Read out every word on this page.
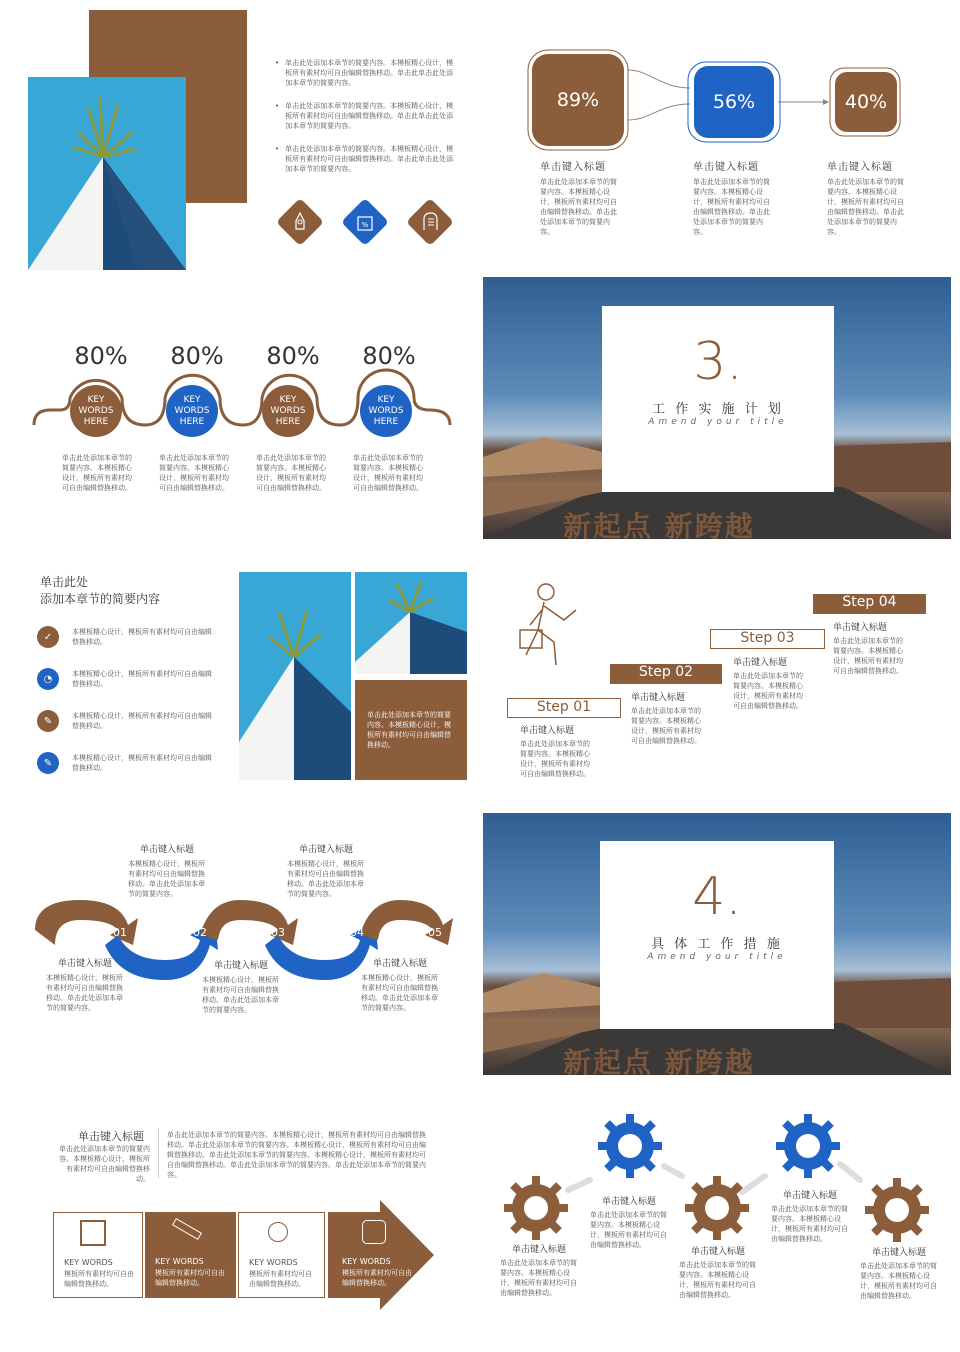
• 单击此处添加本章节的简要内容。本模板精心设计，模板所有素材均可自由编辑替换移动。单击此单击此处添加本章节的简要内容。
• 单击此处添加本章节的简要内容。本模板精心设计，模板所有素材均可自由编辑替换移动。单击此单击此处添加本章节的简要内容。
• 单击此处添加本章节的简要内容。本模板精心设计，模板所有素材均可自由编辑替换移动。单击此单击此处添加本章节的简要内容。
%
89%	56%	40%
单击键入标题
单击此处添加本章节的简要内容。本模板精心设计，模板所有素材均可自由编辑替换移动。单击此处添加本章节的简要内容。
单击键入标题
单击此处添加本章节的简要内容。本模板精心设计，模板所有素材均可自由编辑替换移动。单击此处添加本章节的简要内容。
单击键入标题
单击此处添加本章节的简要内容。本模板精心设计，模板所有素材均可自由编辑替换移动。单击此处添加本章节的简要内容。
80%
KEY WORDS HERE
80%
KEY WORDS HERE
80%
KEY WORDS HERE
80%
KEY WORDS HERE
单击此处添加本章节的简要内容。本模板精心设计，模板所有素材均可自由编辑替换移动。
单击此处添加本章节的简要内容。本模板精心设计，模板所有素材均可自由编辑替换移动。
单击此处添加本章节的简要内容。本模板精心设计，模板所有素材均可自由编辑替换移动。
单击此处添加本章节的简要内容。本模板精心设计，模板所有素材均可自由编辑替换移动。
新起点 新跨越
3.
工 作 实 施 计 划
Amend your title
单击此处
添加本章节的简要内容
✓	本模板精心设计，模板所有素材均可自由编辑替换移动。
◔	本模板精心设计，模板所有素材均可自由编辑替换移动。
✎	本模板精心设计，模板所有素材均可自由编辑替换移动。
✎	本模板精心设计，模板所有素材均可自由编辑替换移动。
单击此处添加本章节的简要内容。本模板精心设计，模板所有素材均可自由编辑替换移动。
Step 01
单击键入标题
单击此处添加本章节的简要内容。本模板精心设计，模板所有素材均可自由编辑替换移动。
Step 02
单击键入标题
单击此处添加本章节的简要内容。本模板精心设计，模板所有素材均可自由编辑替换移动。
Step 03
单击键入标题
单击此处添加本章节的简要内容。本模板精心设计，模板所有素材均可自由编辑替换移动。
Step 04
单击键入标题
单击此处添加本章节的简要内容。本模板精心设计，模板所有素材均可自由编辑替换移动。
01	02	03	04	05
单击键入标题
本模板精心设计，模板所有素材均可自由编辑替换移动。单击此处添加本章节的简要内容。
单击键入标题
本模板精心设计，模板所有素材均可自由编辑替换移动。单击此处添加本章节的简要内容。
单击键入标题
本模板精心设计，模板所有素材均可自由编辑替换移动。单击此处添加本章节的简要内容。
单击键入标题
本模板精心设计，模板所有素材均可自由编辑替换移动。单击此处添加本章节的简要内容。
单击键入标题
本模板精心设计，模板所有素材均可自由编辑替换移动。单击此处添加本章节的简要内容。
新起点 新跨越
4.
具 体 工 作 措 施
Amend your title
单击键入标题
单击此处添加本章节的简要内容。本模板精心设计，模板所有素材均可自由编辑替换移动。
单击此处添加本章节的简要内容。本模板精心设计，模板所有素材均可自由编辑替换移动。单击此处添加本章节的简要内容。本模板精心设计，模板所有素材均可自由编辑替换移动。单击此处添加本章节的简要内容。本模板精心设计，模板所有素材均可自由编辑替换移动。单击此处添加本章节的简要内容。单击此处添加本章节的简要内容。
KEY WORDS
模板所有素材均可自由编辑替换移动。
KEY WORDS
模板所有素材均可自由编辑替换移动。
KEY WORDS
模板所有素材均可自由编辑替换移动。
KEY WORDS
模板所有素材均可自由编辑替换移动。
单击键入标题
单击此处添加本章节的简要内容。本模板精心设计，模板所有素材均可自由编辑替换移动。
单击键入标题
单击此处添加本章节的简要内容。本模板精心设计，模板所有素材均可自由编辑替换移动。
单击键入标题
单击此处添加本章节的简要内容。本模板精心设计，模板所有素材均可自由编辑替换移动。
单击键入标题
单击此处添加本章节的简要内容。本模板精心设计，模板所有素材均可自由编辑替换移动。
单击键入标题
单击此处添加本章节的简要内容。本模板精心设计，模板所有素材均可自由编辑替换移动。
